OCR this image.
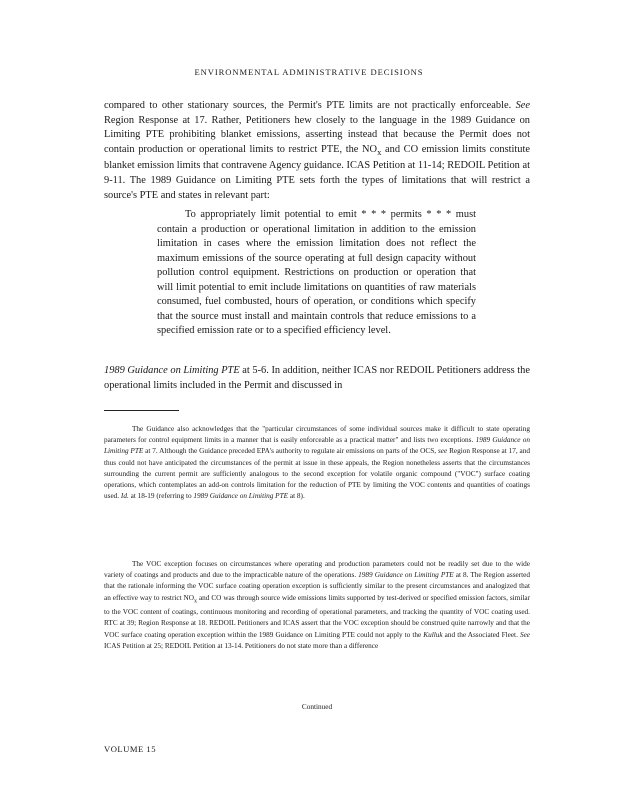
ENVIRONMENTAL ADMINISTRATIVE DECISIONS

compared to other stationary sources, the Permit's PTE limits are not practically enforceable. See Region Response at 17. Rather, Petitioners hew closely to the language in the 1989 Guidance on Limiting PTE prohibiting blanket emissions, asserting instead that because the Permit does not contain production or operational limits to restrict PTE, the $NO_x$ and CO emission limits constitute blanket emission limits that contravene Agency guidance. ICAS Petition at 11-14; REDOIL Petition at 9-11. The 1989 Guidance on Limiting PTE sets forth the types of limitations that will restrict a source's PTE and states in relevant part:

To appropriately limit potential to emit * * * permits * * * must contain a production or operational limitation in addition to the emission limitation in cases where the emission limitation does not reflect the maximum emissions of the source operating at full design capacity without pollution control equipment. Restrictions on production or operation that will limit potential to emit include limitations on quantities of raw materials consumed, fuel combusted, hours of operation, or conditions which specify that the source must install and maintain controls that reduce emissions to a specified emission rate or to a specified efficiency level.

1989 Guidance on Limiting PTE at 5-6. In addition, neither ICAS nor REDOIL Petitioners address the operational limits included in the Permit and discussed in

The Guidance also acknowledges that the "particular circumstances of some individual sources make it difficult to state operating parameters for control equipment limits in a manner that is easily enforceable as a practical matter" and lists two exceptions. 1989 Guidance on Limiting PTE at 7. Although the Guidance preceded EPA's authority to regulate air emissions on parts of the OCS, see Region Response at 17, and thus could not have anticipated the circumstances of the permit at issue in these appeals, the Region nonetheless asserts that the circumstances surrounding the current permit are sufficiently analogous to the second exception for volatile organic compound ("VOC") surface coating operations, which contemplates an add-on controls limitation for the reduction of PTE by limiting the VOC contents and quantities of coatings used. Id. at 18-19 (referring to 1989 Guidance on Limiting PTE at 8).

The VOC exception focuses on circumstances where operating and production parameters could not be readily set due to the wide variety of coatings and products and due to the impracticable nature of the operations. 1989 Guidance on Limiting PTE at 8. The Region asserted that the rationale informing the VOC surface coating operation exception is sufficiently similar to the present circumstances and analogized that an effective way to restrict $NO_x$ and CO was through source wide emissions limits supported by test-derived or specified emission factors, similar to the VOC content of coatings, continuous monitoring and recording of operational parameters, and tracking the quantity of VOC coating used. RTC at 39; Region Response at 18. REDOIL Petitioners and ICAS assert that the VOC exception should be construed quite narrowly and that the VOC surface coating operation exception within the 1989 Guidance on Limiting PTE could not apply to the Kulluk and the Associated Fleet. See ICAS Petition at 25; REDOIL Petition at 13-14. Petitioners do not state more than a difference

Continued
VOLUME 15
